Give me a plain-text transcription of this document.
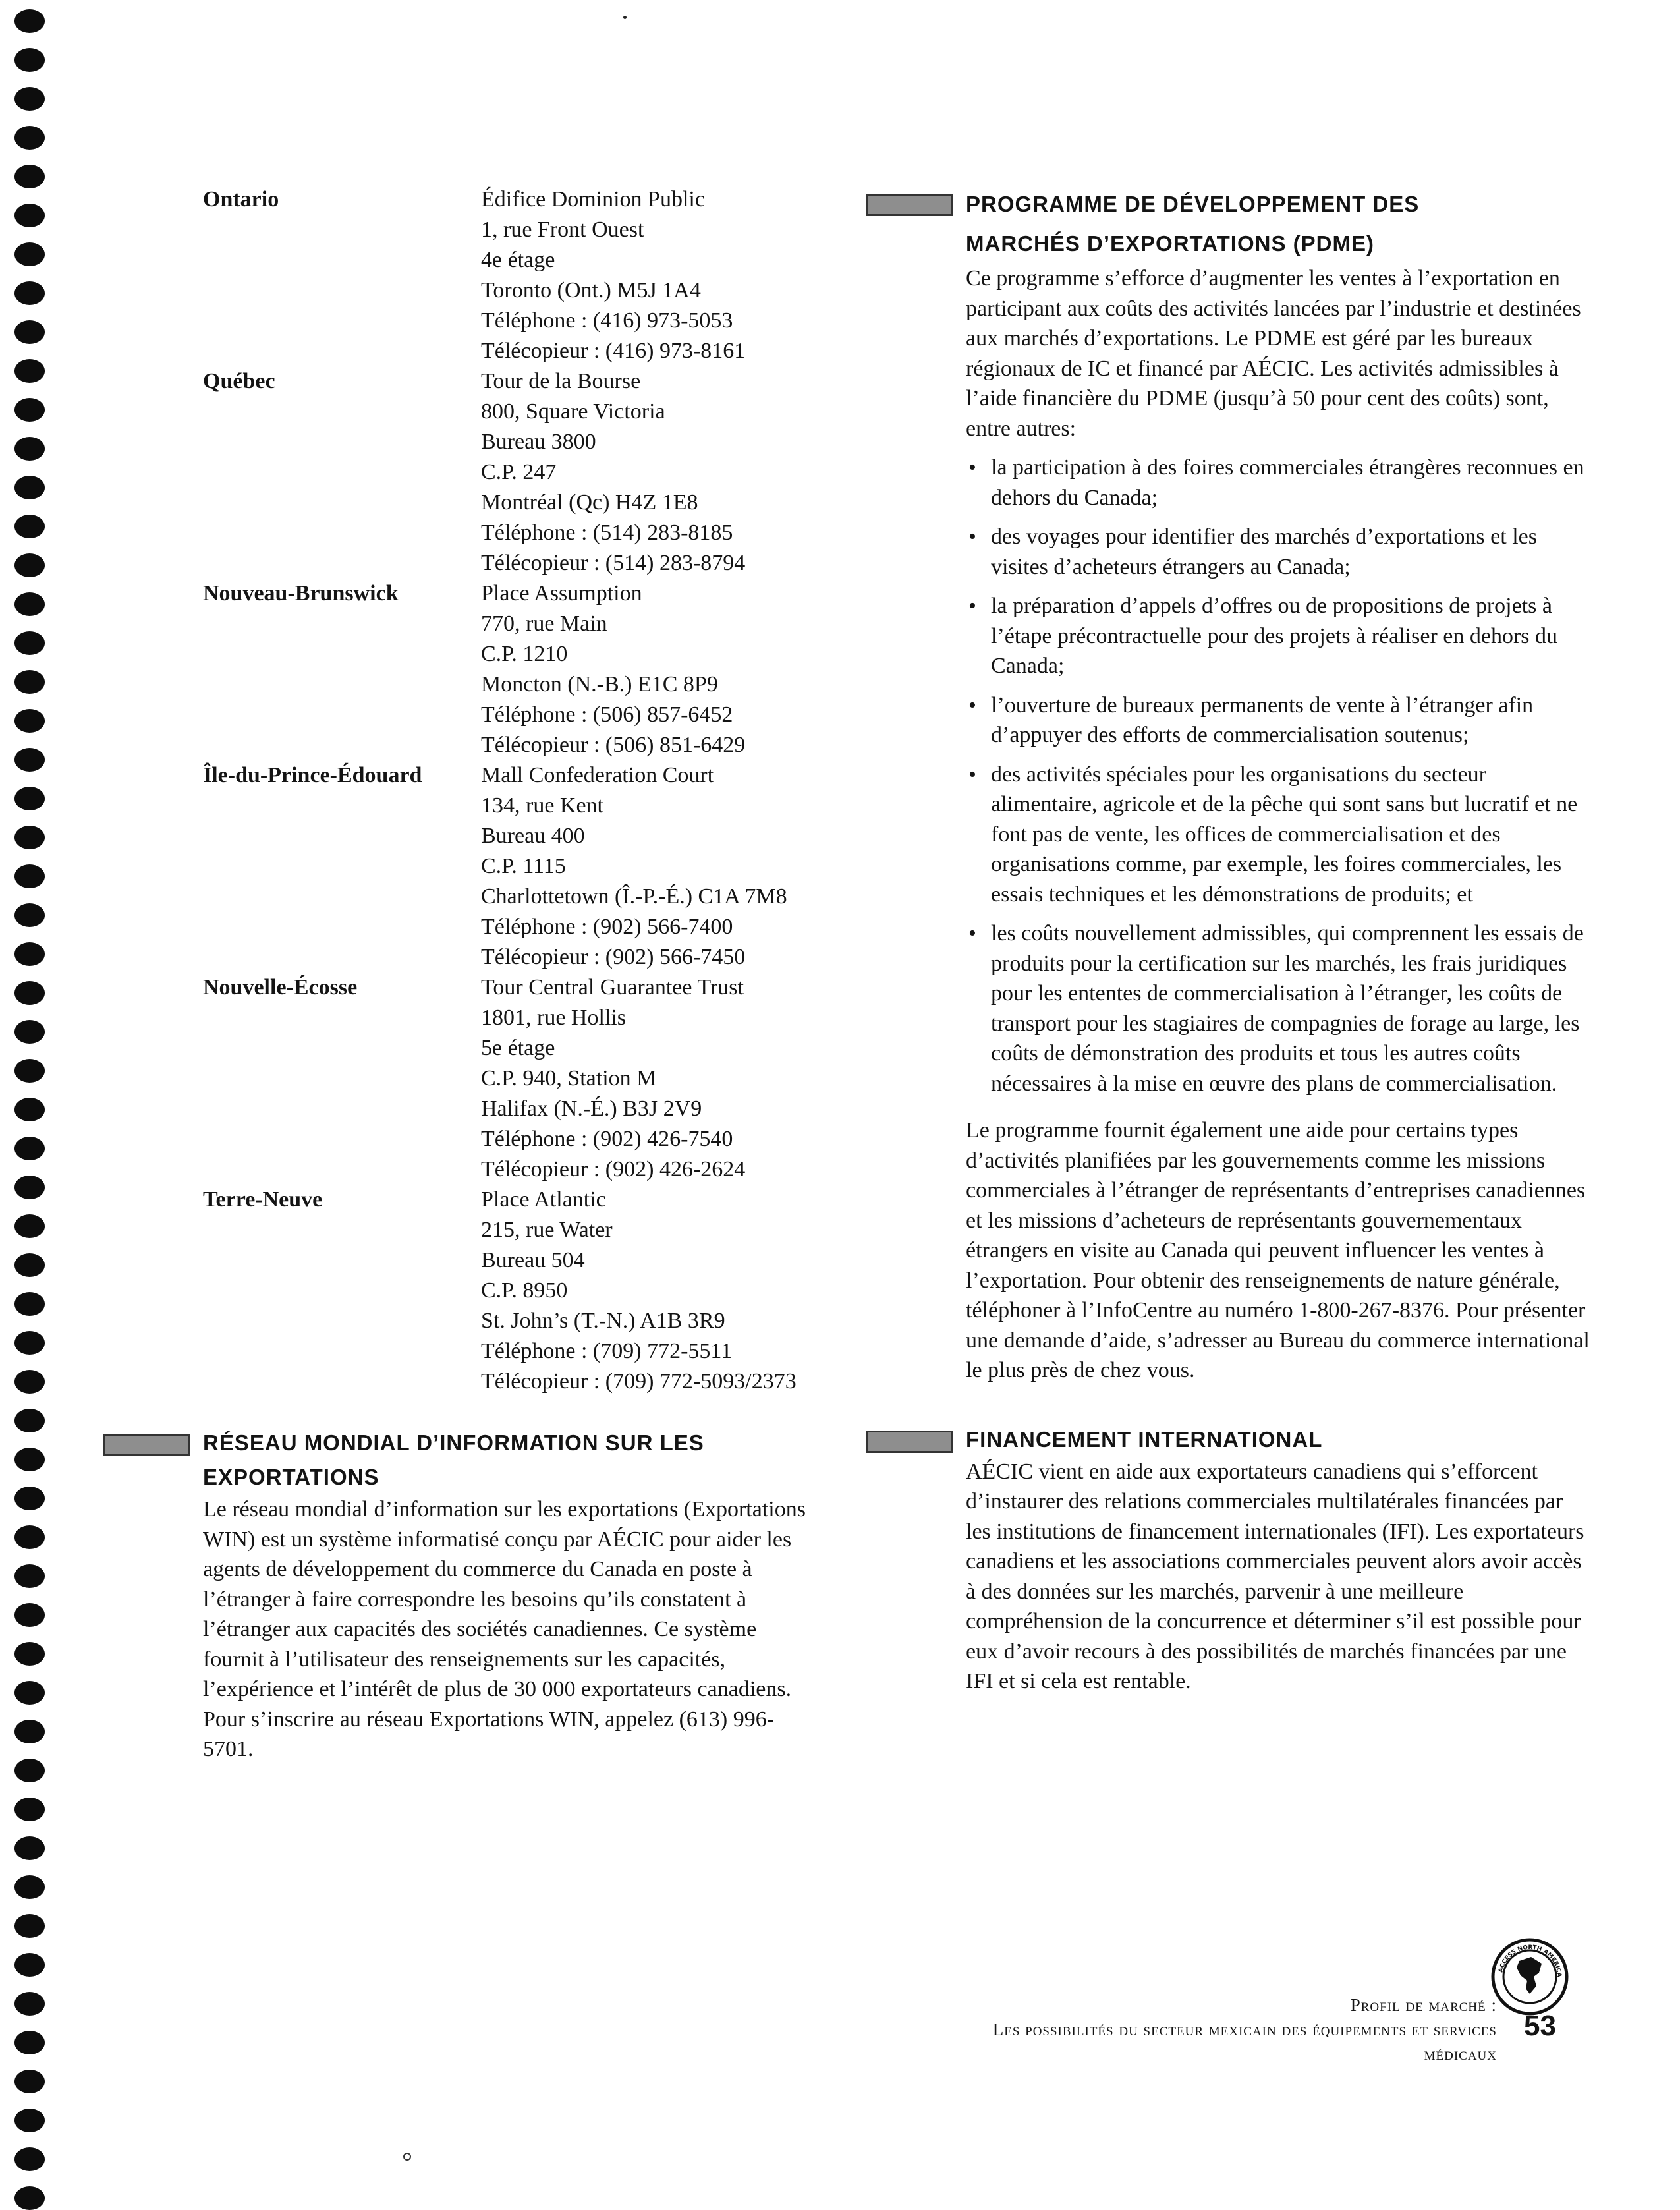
Ontario	Édifice Dominion Public
1, rue Front Ouest
4e étage
Toronto (Ont.) M5J 1A4
Téléphone : (416) 973-5053
Télécopieur : (416) 973-8161
Québec	Tour de la Bourse
800, Square Victoria
Bureau 3800
C.P. 247
Montréal (Qc) H4Z 1E8
Téléphone : (514) 283-8185
Télécopieur : (514) 283-8794
Nouveau-Brunswick	Place Assumption
770, rue Main
C.P. 1210
Moncton (N.-B.) E1C 8P9
Téléphone : (506) 857-6452
Télécopieur : (506) 851-6429
Île-du-Prince-Édouard	Mall Confederation Court
134, rue Kent
Bureau 400
C.P. 1115
Charlottetown (Î.-P.-É.) C1A 7M8
Téléphone : (902) 566-7400
Télécopieur : (902) 566-7450
Nouvelle-Écosse	Tour Central Guarantee Trust
1801, rue Hollis
5e étage
C.P. 940, Station M
Halifax (N.-É.) B3J 2V9
Téléphone : (902) 426-7540
Télécopieur : (902) 426-2624
Terre-Neuve	Place Atlantic
215, rue Water
Bureau 504
C.P. 8950
St. John’s (T.-N.) A1B 3R9
Téléphone : (709) 772-5511
Télécopieur : (709) 772-5093/2373
RÉSEAU MONDIAL D’INFORMATION SUR LES
EXPORTATIONS
Le réseau mondial d’information sur les exportations (Exportations WIN) est un système informatisé conçu par AÉCIC pour aider les agents de développement du commerce du Canada en poste à l’étranger à faire correspondre les besoins qu’ils constatent à l’étranger aux capacités des sociétés canadiennes. Ce système fournit à l’utilisateur des renseignements sur les capacités, l’expérience et l’intérêt de plus de 30 000 exportateurs canadiens. Pour s’inscrire au réseau Exportations WIN, appelez (613) 996-5701.
PROGRAMME DE DÉVELOPPEMENT DES
MARCHÉS D’EXPORTATIONS (PDME)
Ce programme s’efforce d’augmenter les ventes à l’exportation en participant aux coûts des activités lancées par l’industrie et destinées aux marchés d’exportations. Le PDME est géré par les bureaux régionaux de IC et financé par AÉCIC. Les activités admissibles à l’aide financière du PDME (jusqu’à 50 pour cent des coûts) sont, entre autres:
• la participation à des foires commerciales étrangères reconnues en dehors du Canada;
• des voyages pour identifier des marchés d’exportations et les visites d’acheteurs étrangers au Canada;
• la préparation d’appels d’offres ou de propositions de projets à l’étape précontractuelle pour des projets à réaliser en dehors du Canada;
• l’ouverture de bureaux permanents de vente à l’étranger afin d’appuyer des efforts de commercialisation soutenus;
• des activités spéciales pour les organisations du secteur alimentaire, agricole et de la pêche qui sont sans but lucratif et ne font pas de vente, les offices de commercialisation et des organisations comme, par exemple, les foires commerciales, les essais techniques et les démonstrations de produits; et
• les coûts nouvellement admissibles, qui comprennent les essais de produits pour la certification sur les marchés, les frais juridiques pour les ententes de commercialisation à l’étranger, les coûts de transport pour les stagiaires de compagnies de forage au large, les coûts de démonstration des produits et tous les autres coûts nécessaires à la mise en œuvre des plans de commercialisation.
Le programme fournit également une aide pour certains types d’activités planifiées par les gouvernements comme les missions commerciales à l’étranger de représentants d’entreprises canadiennes et les missions d’acheteurs de représentants gouvernementaux étrangers en visite au Canada qui peuvent influencer les ventes à l’exportation. Pour obtenir des renseignements de nature générale, téléphoner à l’InfoCentre au numéro 1-800-267-8376. Pour présenter une demande d’aide, s’adresser au Bureau du commerce international le plus près de chez vous.
FINANCEMENT INTERNATIONAL
AÉCIC vient en aide aux exportateurs canadiens qui s’efforcent d’instaurer des relations commerciales multilatérales financées par les institutions de financement internationales (IFI). Les exportateurs canadiens et les associations commerciales peuvent alors avoir accès à des données sur les marchés, parvenir à une meilleure compréhension de la concurrence et déterminer s’il est possible pour eux d’avoir recours à des possibilités de marchés financées par une IFI et si cela est rentable.
Profil de marché :
Les possibilités du secteur mexicain des équipements et services
médicaux
53
ACCESS NORTH AMERICA
